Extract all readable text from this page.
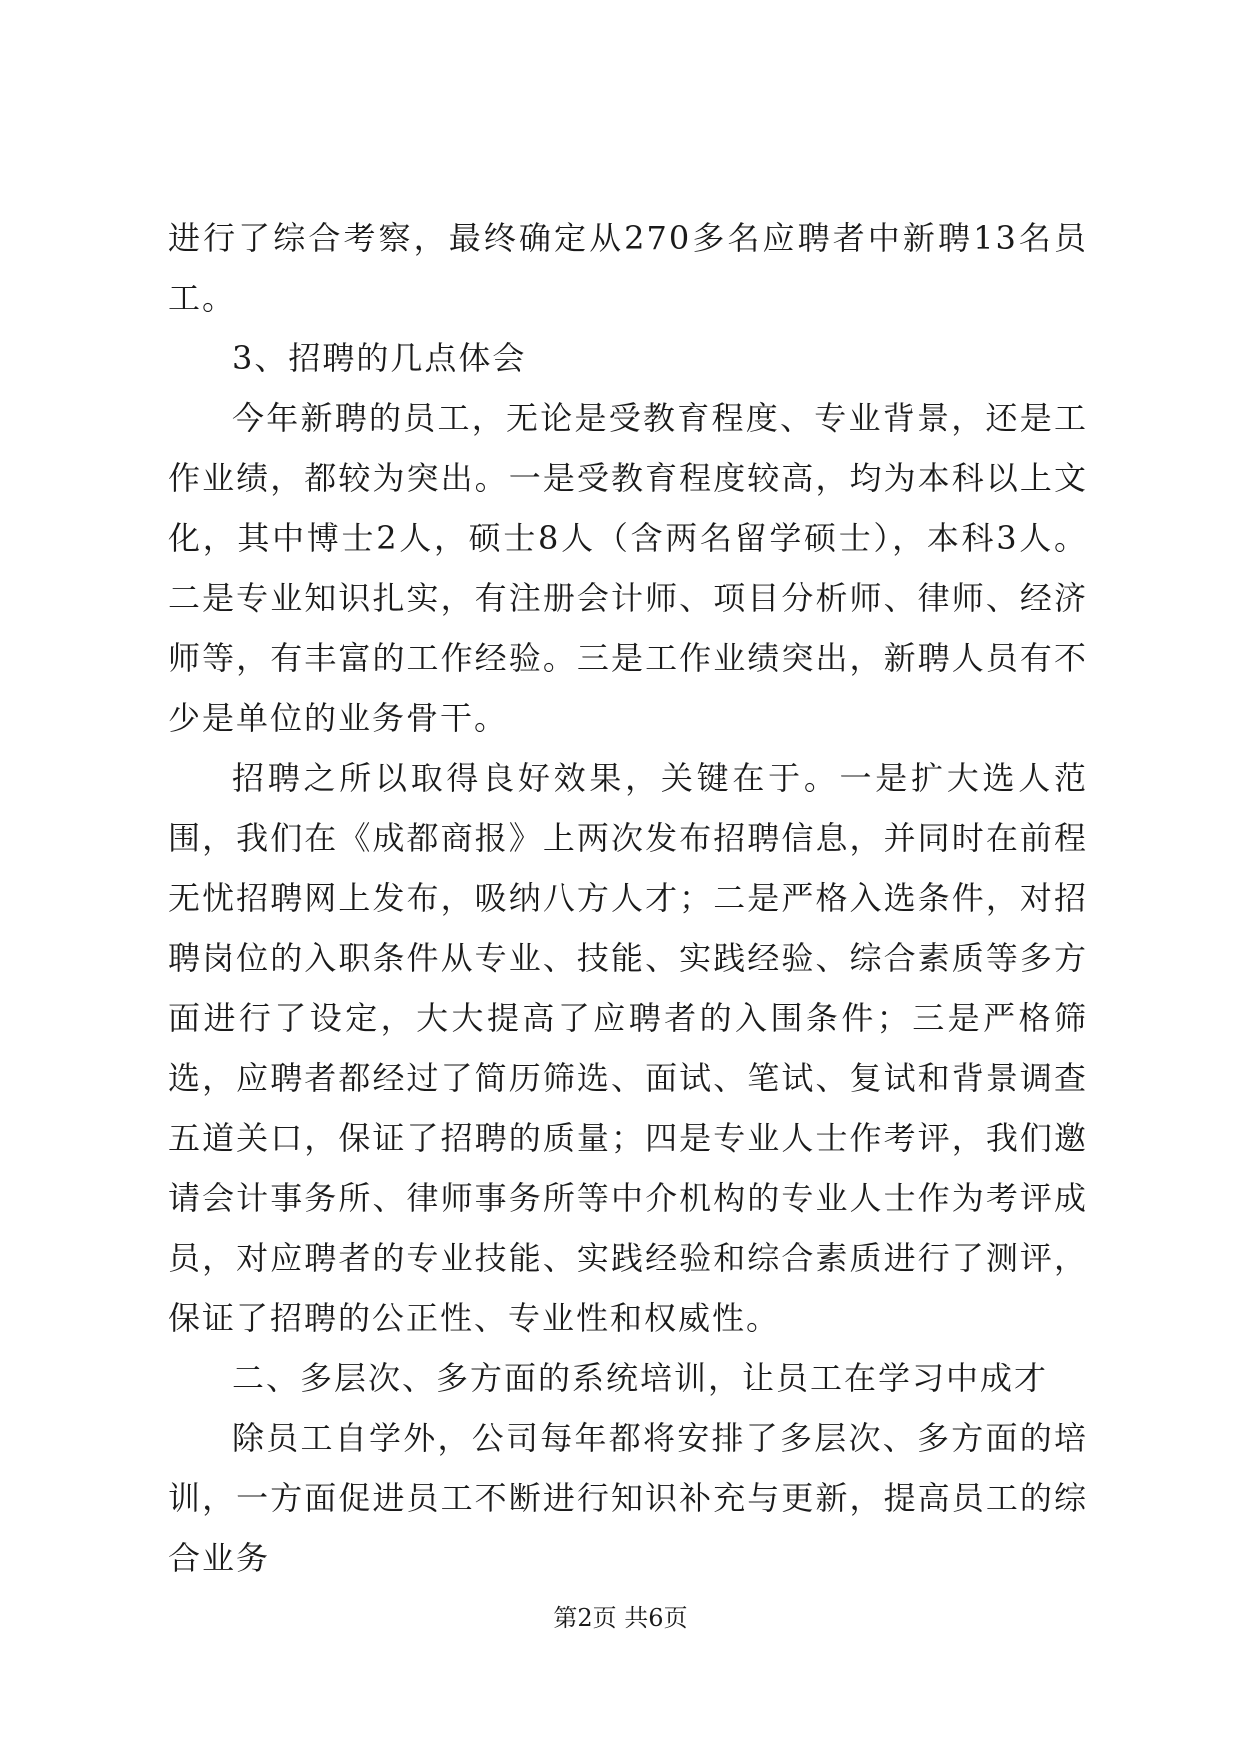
进行了综合考察，最终确定从270多名应聘者中新聘13名员工。

3、招聘的几点体会

今年新聘的员工，无论是受教育程度、专业背景，还是工作业绩，都较为突出。一是受教育程度较高，均为本科以上文化，其中博士2人，硕士8人（含两名留学硕士），本科3人。二是专业知识扎实，有注册会计师、项目分析师、律师、经济师等，有丰富的工作经验。三是工作业绩突出，新聘人员有不少是单位的业务骨干。

招聘之所以取得良好效果，关键在于。一是扩大选人范围，我们在《成都商报》上两次发布招聘信息，并同时在前程无忧招聘网上发布，吸纳八方人才；二是严格入选条件，对招聘岗位的入职条件从专业、技能、实践经验、综合素质等多方面进行了设定，大大提高了应聘者的入围条件；三是严格筛选，应聘者都经过了简历筛选、面试、笔试、复试和背景调查五道关口，保证了招聘的质量；四是专业人士作考评，我们邀请会计事务所、律师事务所等中介机构的专业人士作为考评成员，对应聘者的专业技能、实践经验和综合素质进行了测评，保证了招聘的公正性、专业性和权威性。

二、多层次、多方面的系统培训，让员工在学习中成才

除员工自学外，公司每年都将安排了多层次、多方面的培训，一方面促进员工不断进行知识补充与更新，提高员工的综合业务

第2页 共6页
